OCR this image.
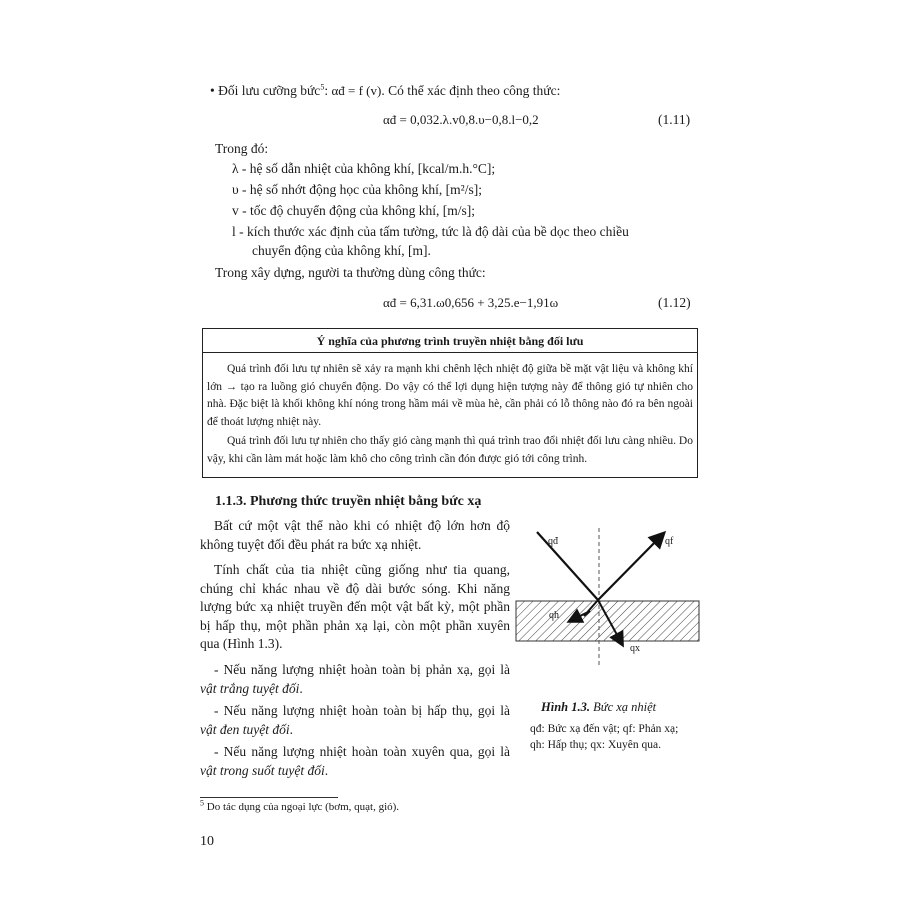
• Đối lưu cưỡng bức$^5$: αđ = f (v). Có thể xác định theo công thức:
αđ = 0,032.λ.v0,8.υ−0,8.l−0,2	(1.11)
Trong đó:
λ - hệ số dẫn nhiệt của không khí, [kcal/m.h.°C];
υ - hệ số nhớt động học của không khí, [m²/s];
v - tốc độ chuyển động của không khí, [m/s];
l - kích thước xác định của tấm tường, tức là độ dài của bề dọc theo chiều
chuyển động của không khí, [m].
Trong xây dựng, người ta thường dùng công thức:
αđ = 6,31.ω0,656 + 3,25.e−1,91ω	(1.12)
Ý nghĩa của phương trình truyền nhiệt bằng đối lưu
Quá trình đối lưu tự nhiên sẽ xảy ra mạnh khi chênh lệch nhiệt độ giữa bề mặt vật liệu và không khí lớn → tạo ra luồng gió chuyển động. Do vậy có thể lợi dụng hiện tượng này để thông gió tự nhiên cho nhà. Đặc biệt là khối không khí nóng trong hầm mái về mùa hè, cần phải có lỗ thông nào đó ra bên ngoài để thoát lượng nhiệt này.
Quá trình đối lưu tự nhiên cho thấy gió càng mạnh thì quá trình trao đổi nhiệt đối lưu càng nhiều. Do vậy, khi cần làm mát hoặc làm khô cho công trình cần đón được gió tới công trình.
1.1.3. Phương thức truyền nhiệt bằng bức xạ
Bất cứ một vật thể nào khi có nhiệt độ lớn hơn độ không tuyệt đối đều phát ra bức xạ nhiệt.
Tính chất của tia nhiệt cũng giống như tia quang, chúng chỉ khác nhau về độ dài bước sóng. Khi năng lượng bức xạ nhiệt truyền đến một vật bất kỳ, một phần bị hấp thụ, một phần phản xạ lại, còn một phần xuyên qua (Hình 1.3).
- Nếu năng lượng nhiệt hoàn toàn bị phản xạ, gọi là vật trắng tuyệt đối.
- Nếu năng lượng nhiệt hoàn toàn bị hấp thụ, gọi là vật đen tuyệt đối.
- Nếu năng lượng nhiệt hoàn toàn xuyên qua, gọi là vật trong suốt tuyệt đối.
qđ	qf
qh
qx
Hình 1.3. Bức xạ nhiệt
qđ: Bức xạ đến vật; qf: Phản xạ;
qh: Hấp thụ; qx: Xuyên qua.
$^5$ Do tác dụng của ngoại lực (bơm, quạt, gió).
10
